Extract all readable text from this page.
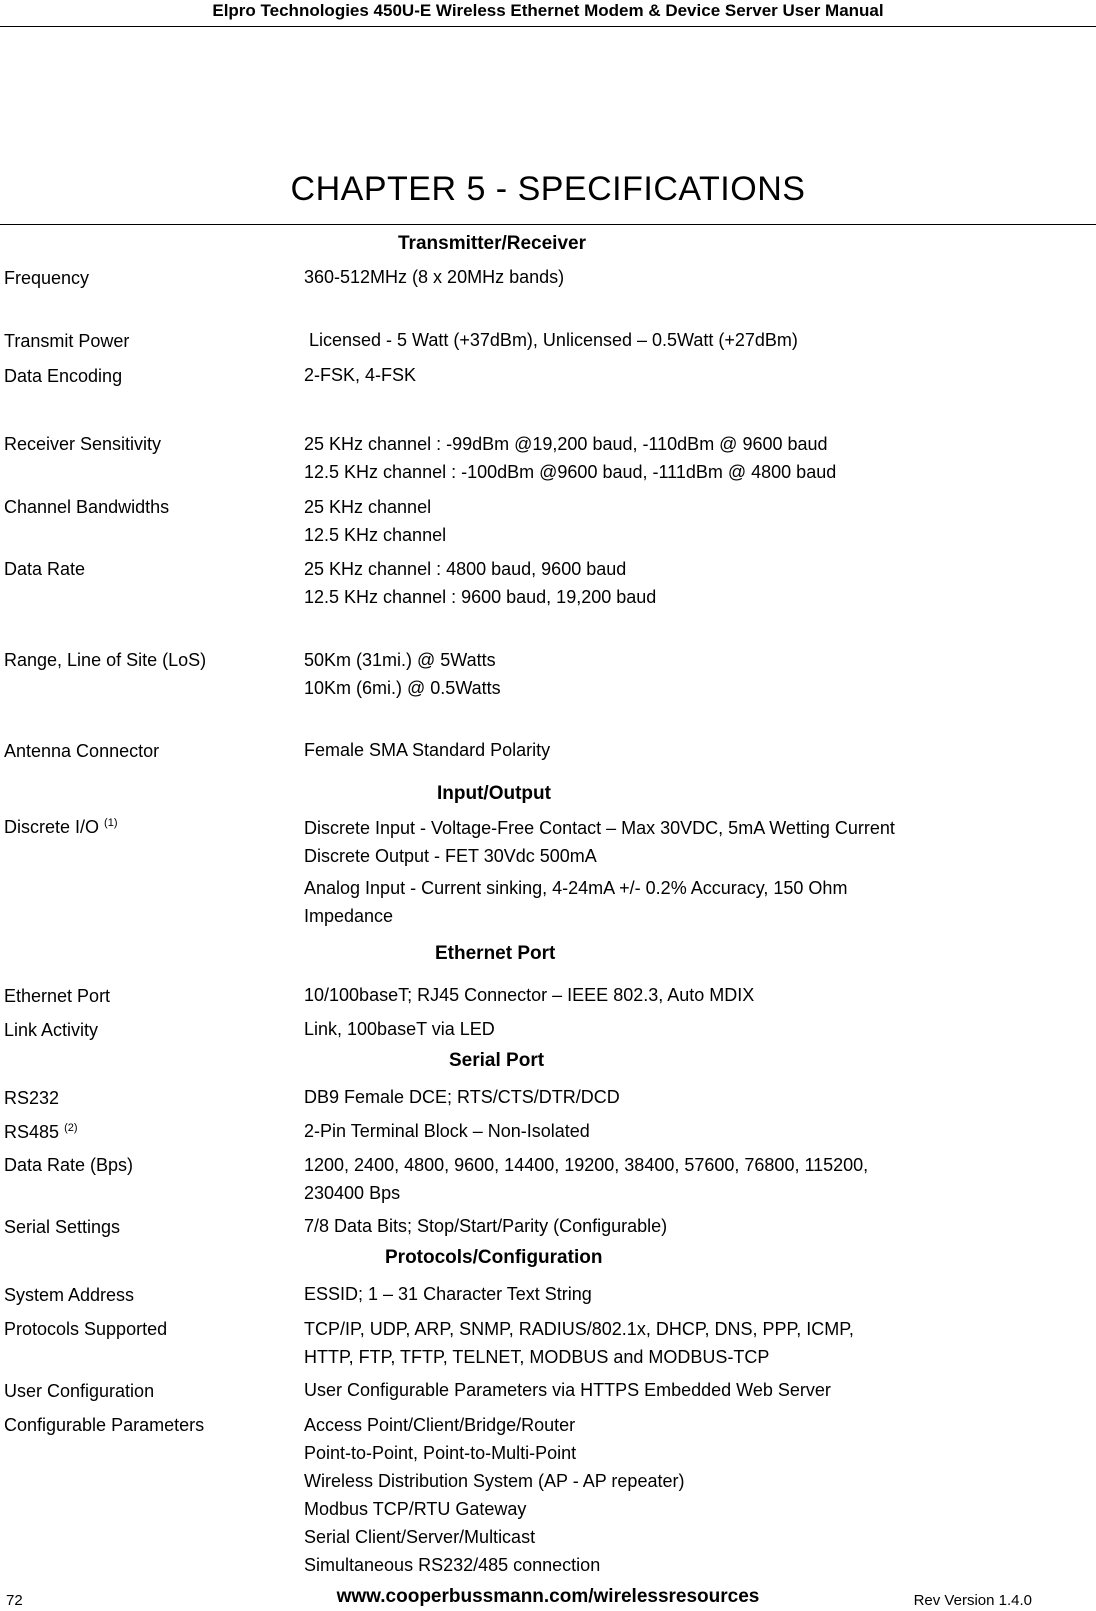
Elpro Technologies 450U-E Wireless Ethernet Modem & Device Server User Manual
CHAPTER 5 - SPECIFICATIONS
Transmitter/Receiver
Frequency	360-512MHz (8 x 20MHz bands)
Transmit Power	Licensed - 5 Watt (+37dBm), Unlicensed – 0.5Watt (+27dBm)
Data Encoding	2-FSK, 4-FSK
Receiver Sensitivity	25 KHz channel : -99dBm @19,200 baud, -110dBm @ 9600 baud
12.5 KHz channel : -100dBm @9600 baud, -111dBm @ 4800 baud
Channel Bandwidths	25 KHz channel
12.5 KHz channel
Data Rate	25 KHz channel : 4800 baud, 9600 baud
12.5 KHz channel : 9600 baud, 19,200 baud
Range, Line of Site (LoS)	50Km (31mi.) @ 5Watts
10Km (6mi.) @ 0.5Watts
Antenna Connector	Female SMA Standard Polarity
Input/Output
Discrete I/O $^{(1)}$	Discrete Input - Voltage-Free Contact – Max 30VDC, 5mA Wetting Current
Discrete Output - FET 30Vdc 500mA
Analog Input - Current sinking, 4-24mA +/- 0.2% Accuracy, 150 Ohm
Impedance
Ethernet Port
Ethernet Port	10/100baseT; RJ45 Connector – IEEE 802.3, Auto MDIX
Link Activity	Link, 100baseT via LED
Serial Port
RS232	DB9 Female DCE; RTS/CTS/DTR/DCD
RS485 $^{(2)}$	2-Pin Terminal Block – Non-Isolated
Data Rate (Bps)	1200, 2400, 4800, 9600, 14400, 19200, 38400, 57600, 76800, 115200,
230400 Bps
Serial Settings	7/8 Data Bits; Stop/Start/Parity (Configurable)
Protocols/Configuration
System Address	ESSID; 1 – 31 Character Text String
Protocols Supported	TCP/IP, UDP, ARP, SNMP, RADIUS/802.1x, DHCP, DNS, PPP, ICMP,
HTTP, FTP, TFTP, TELNET, MODBUS and MODBUS-TCP
User Configuration	User Configurable Parameters via HTTPS Embedded Web Server
Configurable Parameters	Access Point/Client/Bridge/Router
Point-to-Point, Point-to-Multi-Point
Wireless Distribution System (AP - AP repeater)
Modbus TCP/RTU Gateway
Serial Client/Server/Multicast
Simultaneous RS232/485 connection
72	www.cooperbussmann.com/wirelessresources	Rev Version 1.4.0
